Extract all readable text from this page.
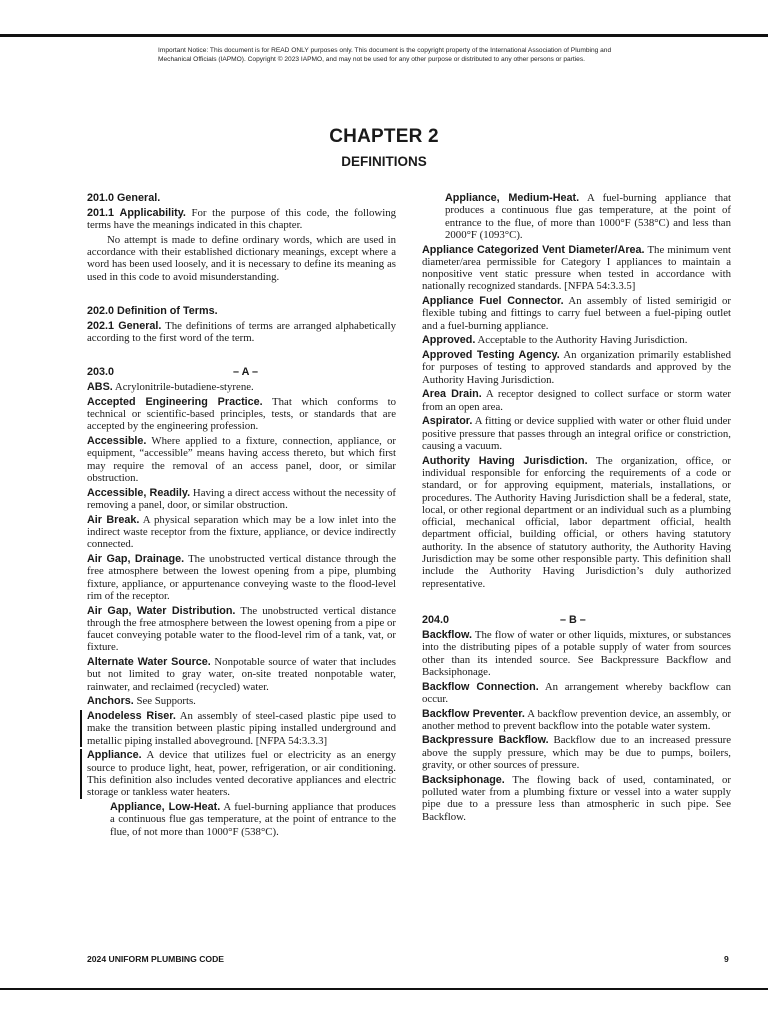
Important Notice: This document is for READ ONLY purposes only. This document is the copyright property of the International Association of Plumbing and Mechanical Officials (IAPMO). Copyright © 2023 IAPMO, and may not be used for any other purpose or distributed to any other persons or parties.
CHAPTER 2
DEFINITIONS

201.0 General.

201.1 Applicability. For the purpose of this code, the following terms have the meanings indicated in this chapter.

No attempt is made to define ordinary words, which are used in accordance with their established dictionary meanings, except where a word has been used loosely, and it is necessary to define its meaning as used in this code to avoid misunderstanding.

202.0 Definition of Terms.

202.1 General. The definitions of terms are arranged alphabetically according to the first word of the term.

203.0	– A –

ABS. Acrylonitrile-butadiene-styrene.

Accepted Engineering Practice. That which conforms to technical or scientific-based principles, tests, or standards that are accepted by the engineering profession.

Accessible. Where applied to a fixture, connection, appliance, or equipment, “accessible” means having access thereto, but which first may require the removal of an access panel, door, or similar obstruction.

Accessible, Readily. Having a direct access without the necessity of removing a panel, door, or similar obstruction.

Air Break. A physical separation which may be a low inlet into the indirect waste receptor from the fixture, appliance, or device indirectly connected.

Air Gap, Drainage. The unobstructed vertical distance through the free atmosphere between the lowest opening from a pipe, plumbing fixture, appliance, or appurtenance conveying waste to the flood-level rim of the receptor.

Air Gap, Water Distribution. The unobstructed vertical distance through the free atmosphere between the lowest opening from a pipe or faucet conveying potable water to the flood-level rim of a tank, vat, or fixture.

Alternate Water Source. Nonpotable source of water that includes but not limited to gray water, on-site treated nonpotable water, rainwater, and reclaimed (recycled) water.

Anchors. See Supports.

Anodeless Riser. An assembly of steel-cased plastic pipe used to make the transition between plastic piping installed underground and metallic piping installed aboveground. [NFPA 54:3.3.3]

Appliance. A device that utilizes fuel or electricity as an energy source to produce light, heat, power, refrigeration, or air conditioning. This definition also includes vented decorative appliances and electric storage or tankless water heaters.

Appliance, Low-Heat. A fuel-burning appliance that produces a continuous flue gas temperature, at the point of entrance to the flue, of not more than 1000°F (538°C).

Appliance, Medium-Heat. A fuel-burning appliance that produces a continuous flue gas temperature, at the point of entrance to the flue, of more than 1000°F (538°C) and less than 2000°F (1093°C).

Appliance Categorized Vent Diameter/Area. The minimum vent diameter/area permissible for Category I appliances to maintain a nonpositive vent static pressure when tested in accordance with nationally recognized standards. [NFPA 54:3.3.5]

Appliance Fuel Connector. An assembly of listed semirigid or flexible tubing and fittings to carry fuel between a fuel-piping outlet and a fuel-burning appliance.

Approved. Acceptable to the Authority Having Jurisdiction.

Approved Testing Agency. An organization primarily established for purposes of testing to approved standards and approved by the Authority Having Jurisdiction.

Area Drain. A receptor designed to collect surface or storm water from an open area.

Aspirator. A fitting or device supplied with water or other fluid under positive pressure that passes through an integral orifice or constriction, causing a vacuum.

Authority Having Jurisdiction. The organization, office, or individual responsible for enforcing the requirements of a code or standard, or for approving equipment, materials, installations, or procedures. The Authority Having Jurisdiction shall be a federal, state, local, or other regional department or an individual such as a plumbing official, mechanical official, labor department official, health department official, building official, or others having statutory authority. In the absence of statutory authority, the Authority Having Jurisdiction may be some other responsible party. This definition shall include the Authority Having Jurisdiction’s duly authorized representative.

204.0	– B –

Backflow. The flow of water or other liquids, mixtures, or substances into the distributing pipes of a potable supply of water from sources other than its intended source. See Backpressure Backflow and Backsiphonage.

Backflow Connection. An arrangement whereby backflow can occur.

Backflow Preventer. A backflow prevention device, an assembly, or another method to prevent backflow into the potable water system.

Backpressure Backflow. Backflow due to an increased pressure above the supply pressure, which may be due to pumps, boilers, gravity, or other sources of pressure.

Backsiphonage. The flowing back of used, contaminated, or polluted water from a plumbing fixture or vessel into a water supply pipe due to a pressure less than atmospheric in such pipe. See Backflow.

2024 UNIFORM PLUMBING CODE	9
